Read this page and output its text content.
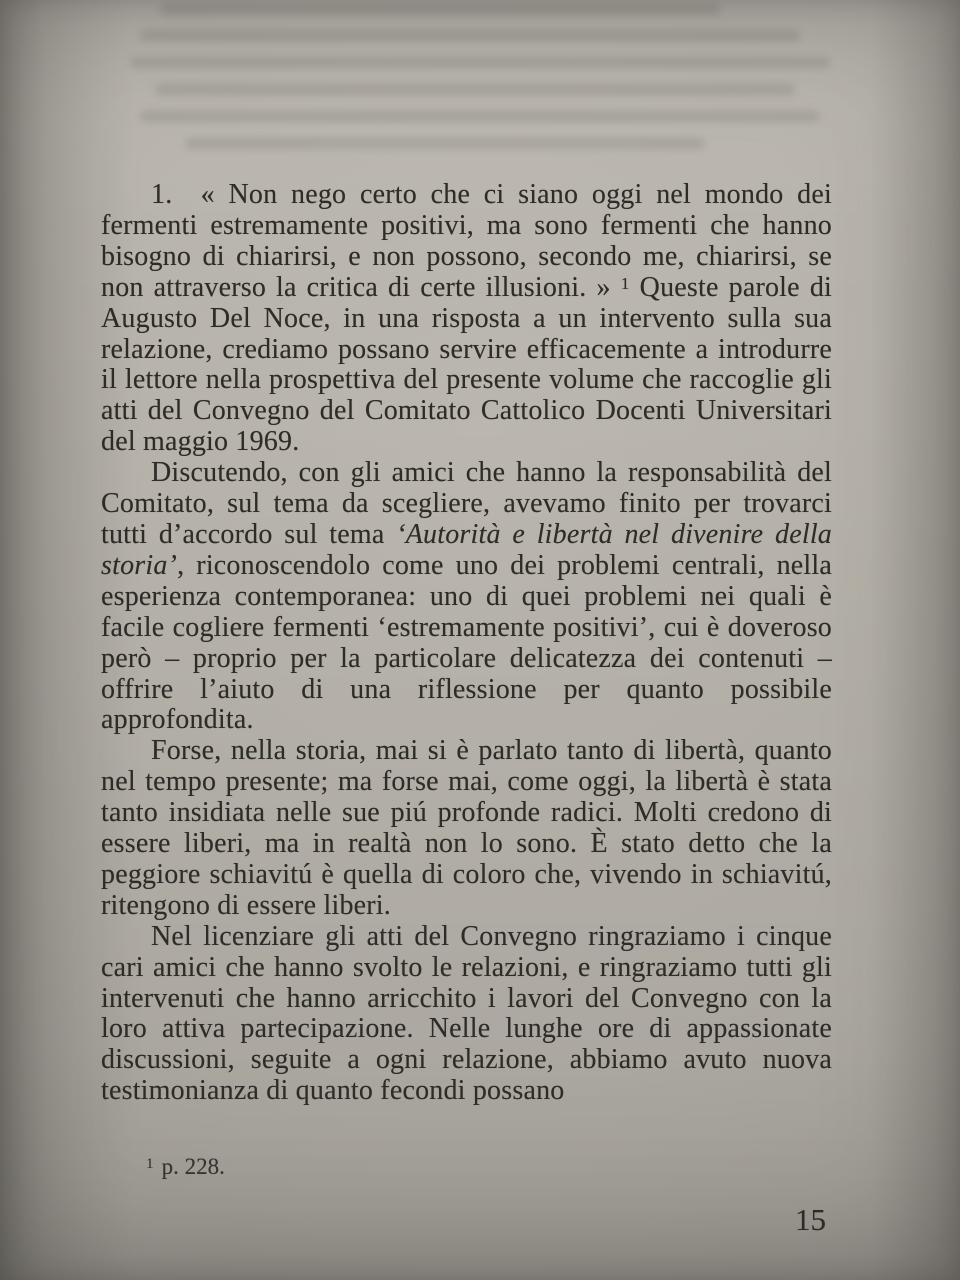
1. « Non nego certo che ci siano oggi nel mondo dei fermenti estremamente positivi, ma sono fermenti che hanno bisogno di chiarirsi, e non possono, secondo me, chiarirsi, se non attraverso la critica di certe illusioni. » $^1$ Queste parole di Augusto Del Noce, in una risposta a un intervento sulla sua relazione, crediamo possano servire efficacemente a introdurre il lettore nella prospettiva del presente volume che raccoglie gli atti del Convegno del Comitato Cattolico Docenti Universitari del maggio 1969.

Discutendo, con gli amici che hanno la responsabilità del Comitato, sul tema da scegliere, avevamo finito per trovarci tutti d’accordo sul tema ‘Autorità e libertà nel divenire della storia’, riconoscendolo come uno dei problemi centrali, nella esperienza contemporanea: uno di quei problemi nei quali è facile cogliere fermenti ‘estremamente positivi’, cui è doveroso però – proprio per la particolare delicatezza dei contenuti – offrire l’aiuto di una riflessione per quanto possibile approfondita.

Forse, nella storia, mai si è parlato tanto di libertà, quanto nel tempo presente; ma forse mai, come oggi, la libertà è stata tanto insidiata nelle sue piú profonde radici. Molti credono di essere liberi, ma in realtà non lo sono. È stato detto che la peggiore schiavitú è quella di coloro che, vivendo in schiavitú, ritengono di essere liberi.

Nel licenziare gli atti del Convegno ringraziamo i cinque cari amici che hanno svolto le relazioni, e ringraziamo tutti gli intervenuti che hanno arricchito i lavori del Convegno con la loro attiva partecipazione. Nelle lunghe ore di appassionate discussioni, seguite a ogni relazione, abbiamo avuto nuova testimonianza di quanto fecondi possano

$^1$ p. 228.
15
